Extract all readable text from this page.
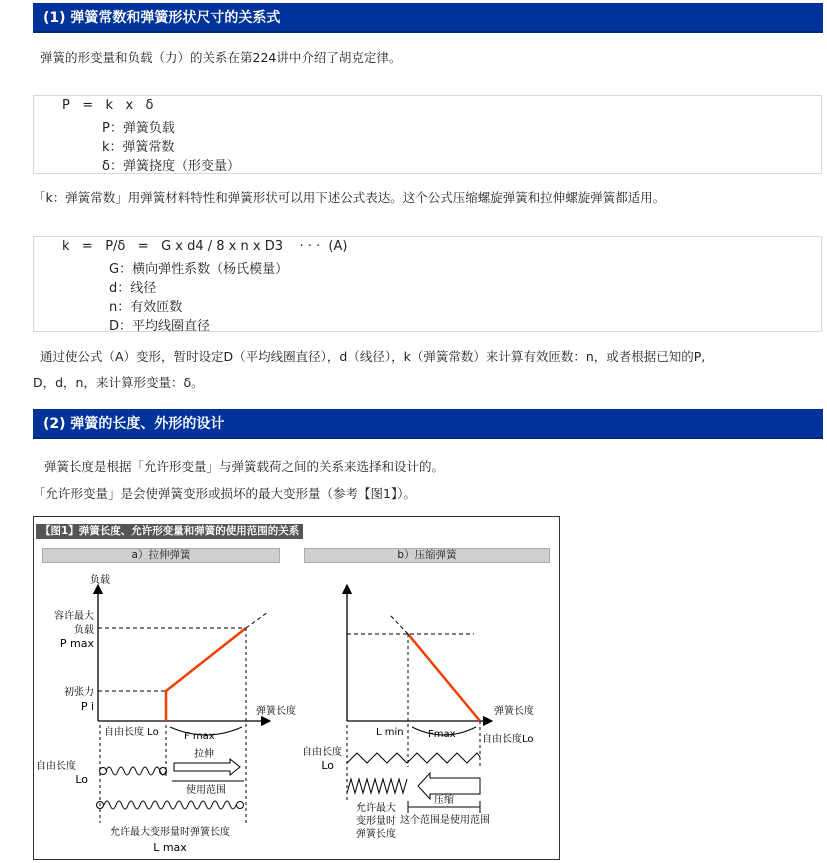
(1) 弹簧常数和弹簧形状尺寸的关系式
弹簧的形变量和负载（力）的关系在第224讲中介绍了胡克定律。
P   =   k   x   δ
P：弹簧负载
k：弹簧常数
δ：弹簧挠度（形变量）
「k：弹簧常数」用弹簧材料特性和弹簧形状可以用下述公式表达。这个公式压缩螺旋弹簧和拉伸螺旋弹簧都适用。
k   =   P/δ   =   G x d4 / 8 x n x D3    · · ·  (A)
G：横向弹性系数（杨氏模量）
d：线径
n：有效匝数
D：平均线圈直径
通过使公式（A）变形，暂时设定D（平均线圈直径），d（线径），k（弹簧常数）来计算有效匝数：n，或者根据已知的P,
D，d，n，来计算形变量：δ。
(2) 弹簧的长度、外形的设计
弹簧长度是根据「允许形变量」与弹簧载荷之间的关系来选择和设计的。
「允许形变量」是会使弹簧变形或损坏的最大变形量（参考【图1】）。
【图1】弹簧长度、允许形变量和弹簧的使用范围的关系
a）拉伸弹簧	b）压缩弹簧
负载
弹簧长度
容许最大
负载
P max
初张力
P i
自由长度 Lo	F max
自由长度
Lo
拉伸
使用范围
允许最大变形量时弹簧长度
L max
弹簧长度
L min Fmax	自由长度Lo
自由长度
Lo
压缩
允许最大
变形量时
弹簧长度
这个范围是使用范围
